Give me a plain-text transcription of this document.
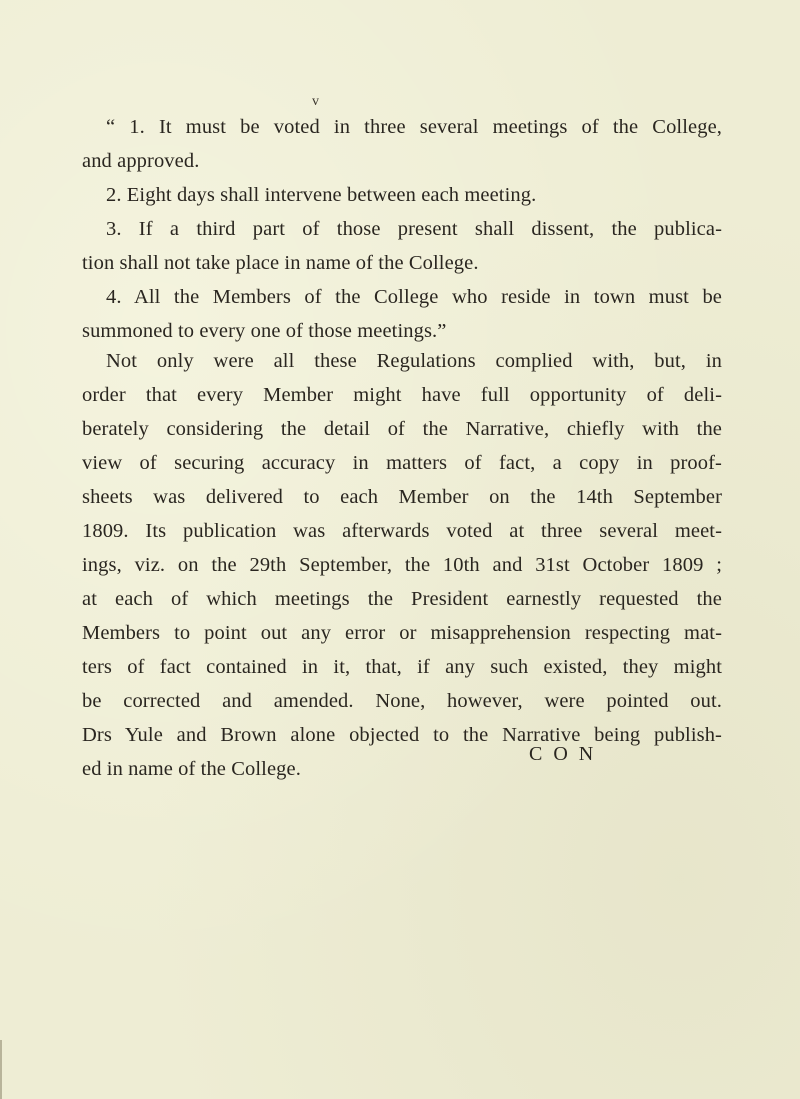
v
“ 1. It must be voted in three several meetings of the College,
and approved.
2. Eight days shall intervene between each meeting.
3. If a third part of those present shall dissent, the publica-
tion shall not take place in name of the College.
4. All the Members of the College who reside in town must be
summoned to every one of those meetings.”
Not only were all these Regulations complied with, but, in
order that every Member might have full opportunity of deli-
berately considering the detail of the Narrative, chiefly with the
view of securing accuracy in matters of fact, a copy in proof-
sheets was delivered to each Member on the 14th September
1809. Its publication was afterwards voted at three several meet-
ings, viz. on the 29th September, the 10th and 31st October 1809 ;
at each of which meetings the President earnestly requested the
Members to point out any error or misapprehension respecting mat-
ters of fact contained in it, that, if any such existed, they might
be corrected and amended. None, however, were pointed out.
Drs Yule and Brown alone objected to the Narrative being publish-
ed in name of the College.
C O N
